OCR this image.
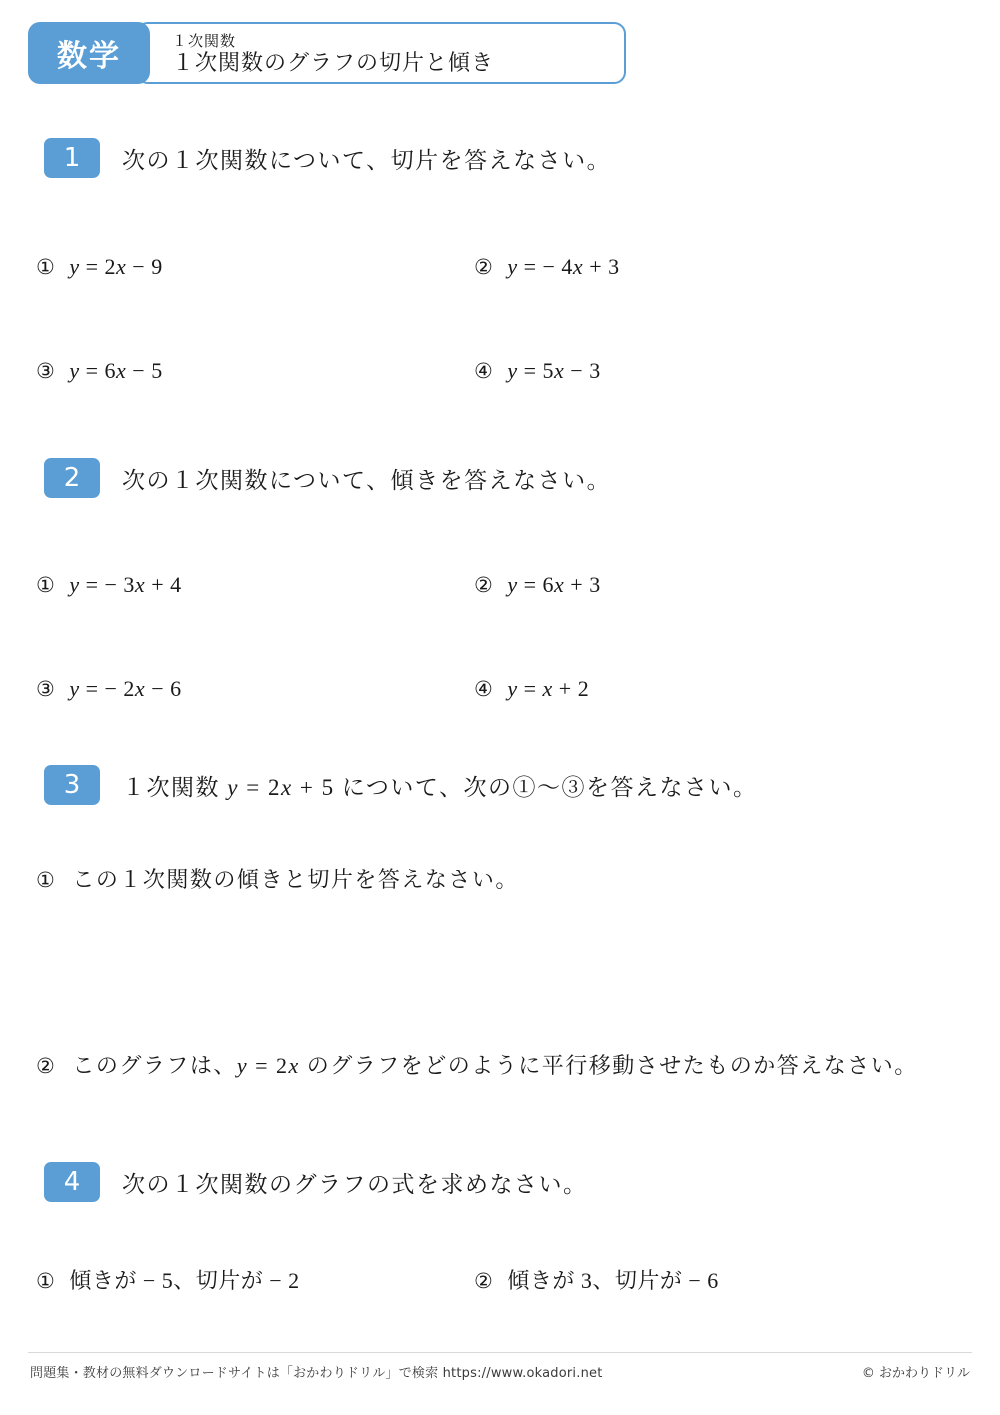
数学	１次関数
１次関数のグラフの切片と傾き
1	次の１次関数について、切片を答えなさい。
① y = 2x − 9	② y = − 4x + 3
③ y = 6x − 5	④ y = 5x − 3
2	次の１次関数について、傾きを答えなさい。
① y = − 3x + 4	② y = 6x + 3
③ y = − 2x − 6	④ y = x + 2
3	１次関数 y = 2x + 5 について、次の①〜③を答えなさい。
① この１次関数の傾きと切片を答えなさい。
② このグラフは、y = 2x のグラフをどのように平行移動させたものか答えなさい。
4	次の１次関数のグラフの式を求めなさい。
① 傾きが − 5、切片が − 2	② 傾きが 3、切片が − 6
問題集・教材の無料ダウンロードサイトは「おかわりドリル」で検索 https://www.okadori.net	© おかわりドリル
